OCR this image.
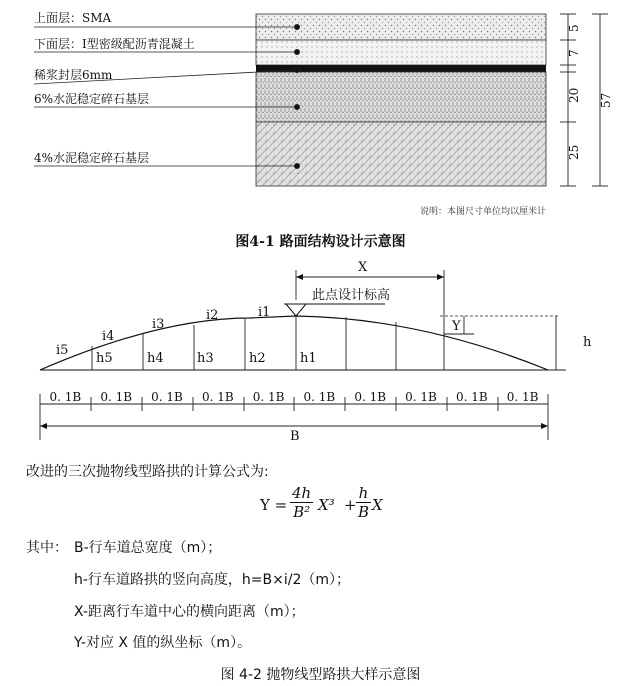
上面层：SMA
下面层：I型密级配沥青混凝土
稀浆封层6mm
6%水泥稳定碎石基层
4%水泥稳定碎石基层
5
7
20
25
57
X
此点设计标高
Y
h
i1
i2
i3
i4
i5
h1
h2
h3
h4
h5
0. 1B 0. 1B 0. 1B 0. 1B 0. 1B 0. 1B 0. 1B 0. 1B 0. 1B 0. 1B
B
说明：本图尺寸单位均以厘米计
图4-1 路面结构设计示意图
改进的三次抛物线型路拱的计算公式为:
$Y = \frac{4h}{\text{B²}} X^3 + \frac{h}{B}$ X
其中： B-行车道总宽度（m）；
h-行车道路拱的竖向高度，h=B×i/2（m）；
X-距离行车道中心的横向距离（m）；
Y-对应 X 值的纵坐标（m）。
图 4-2 抛物线型路拱大样示意图
